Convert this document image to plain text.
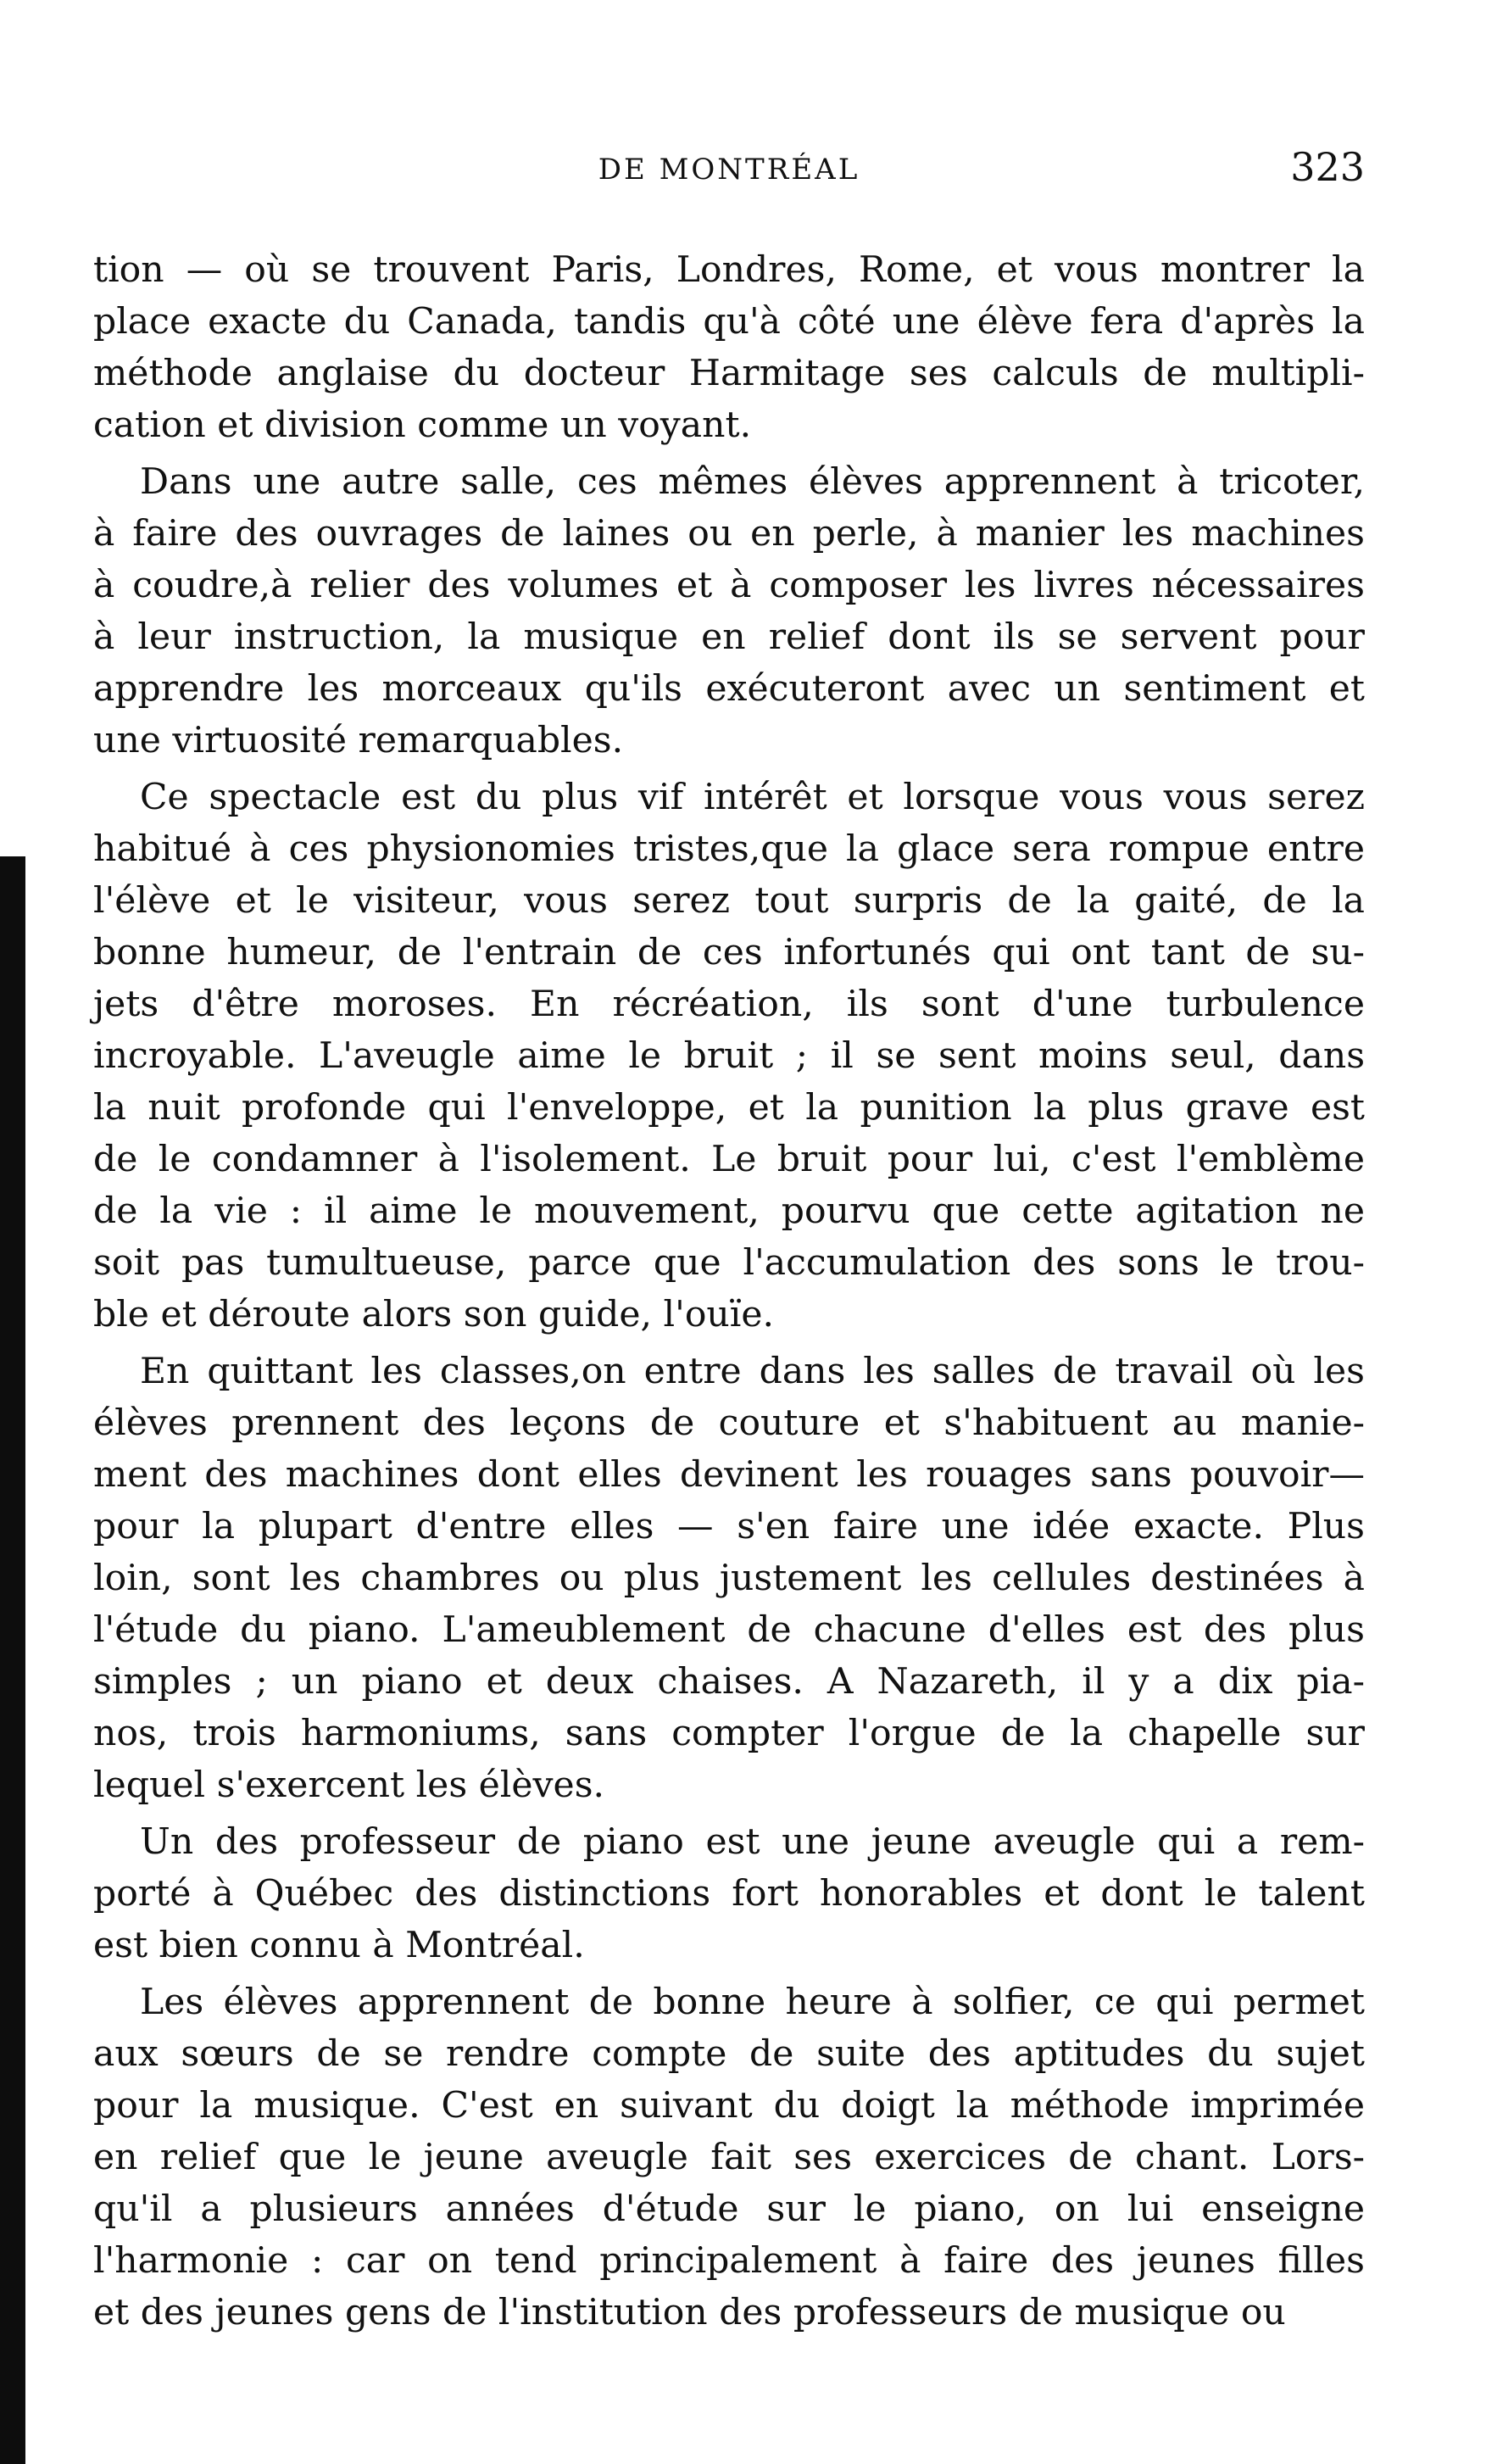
DE MONTRÉAL	323
tion — où se trouvent Paris, Londres, Rome, et vous montrer la
place exacte du Canada, tandis qu'à côté une élève fera d'après la
méthode anglaise du docteur Harmitage ses calculs de multipli-
cation et division comme un voyant.
Dans une autre salle, ces mêmes élèves apprennent à tricoter,
à faire des ouvrages de laines ou en perle, à manier les machines
à coudre,à relier des volumes et à composer les livres nécessaires
à leur instruction, la musique en relief dont ils se servent pour
apprendre les morceaux qu'ils exécuteront avec un sentiment et
une virtuosité remarquables.
Ce spectacle est du plus vif intérêt et lorsque vous vous serez
habitué à ces physionomies tristes,que la glace sera rompue entre
l'élève et le visiteur, vous serez tout surpris de la gaité, de la
bonne humeur, de l'entrain de ces infortunés qui ont tant de su-
jets d'être moroses. En récréation, ils sont d'une turbulence
incroyable. L'aveugle aime le bruit ; il se sent moins seul, dans
la nuit profonde qui l'enveloppe, et la punition la plus grave est
de le condamner à l'isolement. Le bruit pour lui, c'est l'emblème
de la vie : il aime le mouvement, pourvu que cette agitation ne
soit pas tumultueuse, parce que l'accumulation des sons le trou-
ble et déroute alors son guide, l'ouïe.
En quittant les classes,on entre dans les salles de travail où les
élèves prennent des leçons de couture et s'habituent au manie-
ment des machines dont elles devinent les rouages sans pouvoir—
pour la plupart d'entre elles — s'en faire une idée exacte. Plus
loin, sont les chambres ou plus justement les cellules destinées à
l'étude du piano. L'ameublement de chacune d'elles est des plus
simples ; un piano et deux chaises. A Nazareth, il y a dix pia-
nos, trois harmoniums, sans compter l'orgue de la chapelle sur
lequel s'exercent les élèves.
Un des professeur de piano est une jeune aveugle qui a rem-
porté à Québec des distinctions fort honorables et dont le talent
est bien connu à Montréal.
Les élèves apprennent de bonne heure à solfier, ce qui permet
aux sœurs de se rendre compte de suite des aptitudes du sujet
pour la musique. C'est en suivant du doigt la méthode imprimée
en relief que le jeune aveugle fait ses exercices de chant. Lors-
qu'il a plusieurs années d'étude sur le piano, on lui enseigne
l'harmonie : car on tend principalement à faire des jeunes filles
et des jeunes gens de l'institution des professeurs de musique ou
